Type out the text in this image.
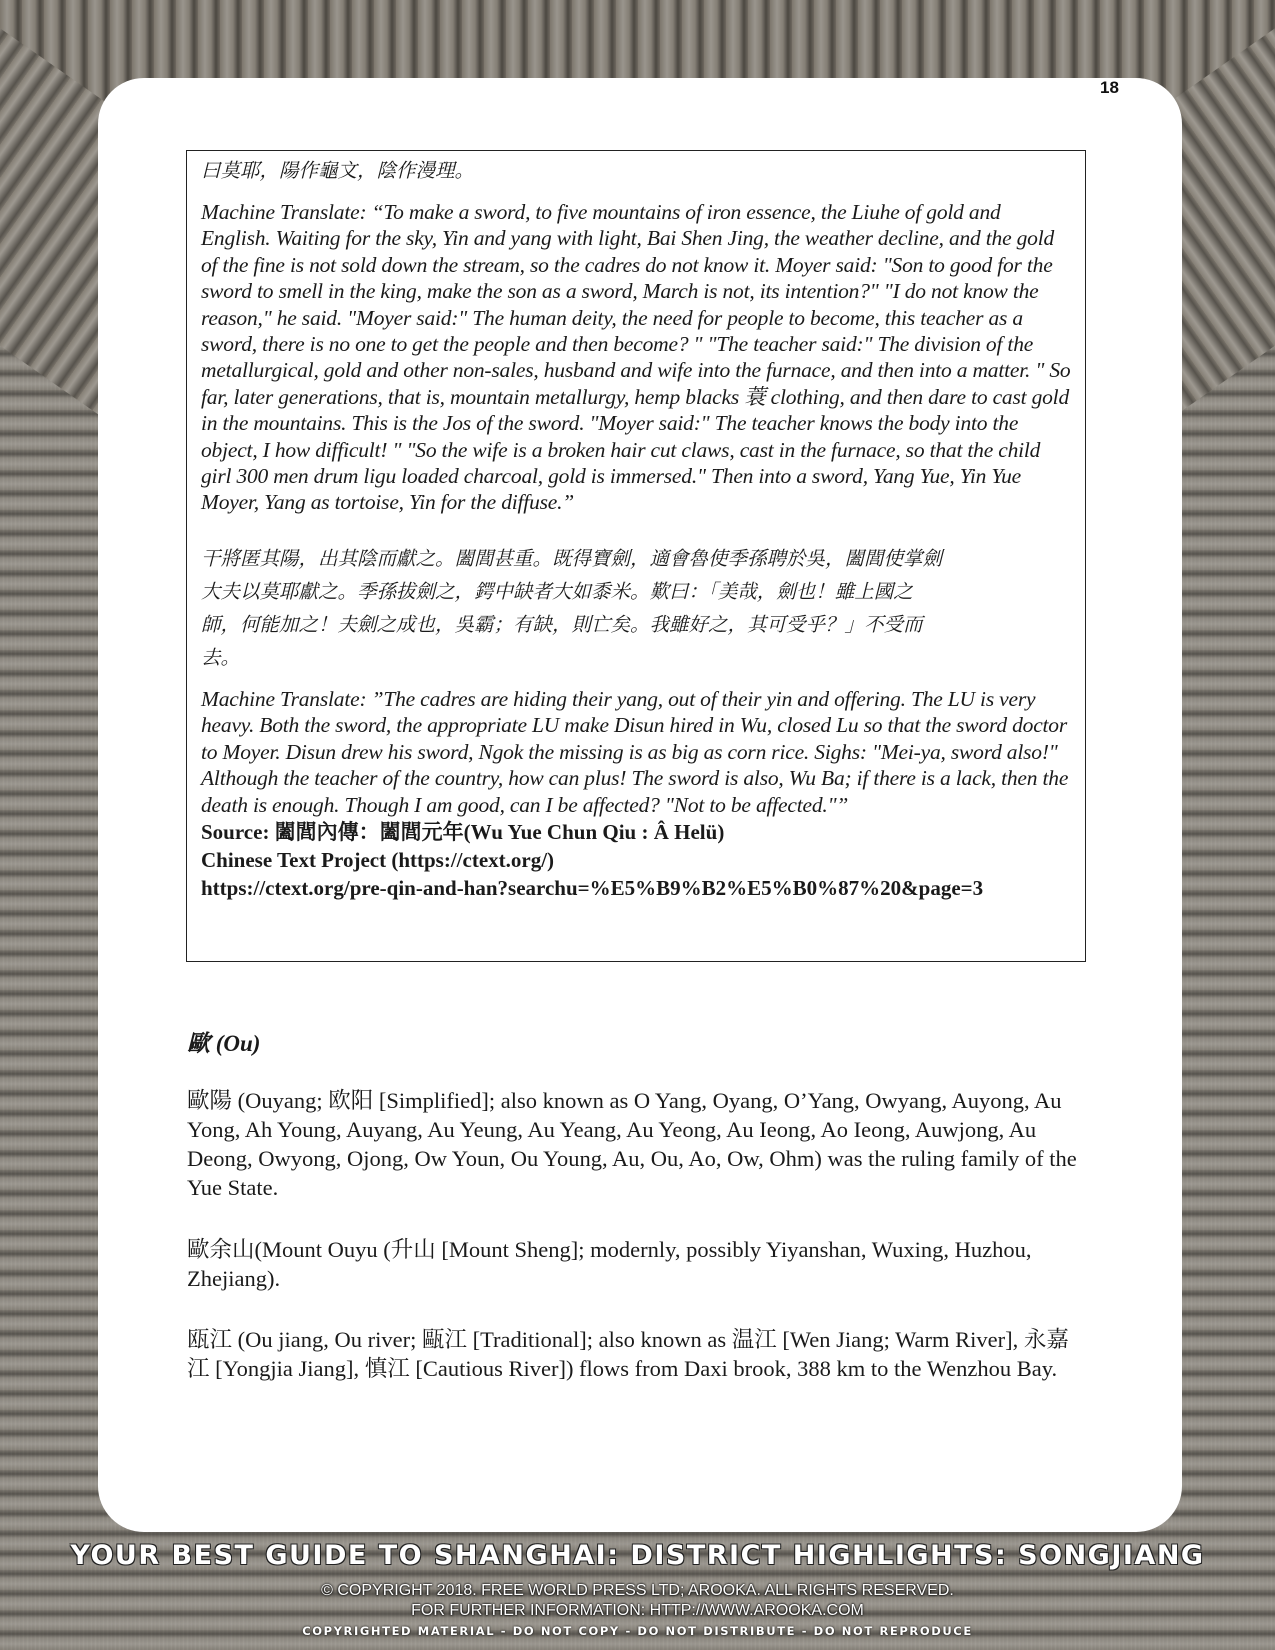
18

曰莫耶，陽作龜文，陰作漫理。

Machine Translate: “To make a sword, to five mountains of iron essence, the Liuhe of gold and English. Waiting for the sky, Yin and yang with light, Bai Shen Jing, the weather decline, and the gold of the fine is not sold down the stream, so the cadres do not know it. Moyer said: "Son to good for the sword to smell in the king, make the son as a sword, March is not, its intention?" "I do not know the reason," he said. "Moyer said:" The human deity, the need for people to become, this teacher as a sword, there is no one to get the people and then become? " "The teacher said:" The division of the metallurgical, gold and other non-sales, husband and wife into the furnace, and then into a matter. " So far, later generations, that is, mountain metallurgy, hemp blacks 蓑 clothing, and then dare to cast gold in the mountains. This is the Jos of the sword. "Moyer said:" The teacher knows the body into the object, I how difficult! " "So the wife is a broken hair cut claws, cast in the furnace, so that the child girl 300 men drum ligu loaded charcoal, gold is immersed." Then into a sword, Yang Yue, Yin Yue Moyer, Yang as tortoise, Yin for the diffuse.”

干將匿其陽，出其陰而獻之。闔閭甚重。既得寶劍，適會魯使季孫聘於吳，闔閭使掌劍

大夫以莫耶獻之。季孫拔劍之，鍔中缺者大如黍米。歎曰：「美哉，劍也！雖上國之

師，何能加之！夫劍之成也，吳霸；有缺，則亡矣。我雖好之，其可受乎？」不受而

去。

Machine Translate: ”The cadres are hiding their yang, out of their yin and offering. The LU is very heavy. Both the sword, the appropriate LU make Disun hired in Wu, closed Lu so that the sword doctor to Moyer. Disun drew his sword, Ngok the missing is as big as corn rice. Sighs: "Mei-ya, sword also!" Although the teacher of the country, how can plus! The sword is also, Wu Ba; if there is a lack, then the death is enough. Though I am good, can I be affected? "Not to be affected."”

Source: 闔閭內傳：闔閭元年(Wu Yue Chun Qiu : Â Helü)

Chinese Text Project (https://ctext.org/)

https://ctext.org/pre-qin-and-han?searchu=%E5%B9%B2%E5%B0%87%20&page=3

歐 (Ou)

歐陽 (Ouyang; 欧阳 [Simplified]; also known as O Yang, Oyang, O’Yang, Owyang, Auyong, Au Yong, Ah Young, Auyang, Au Yeung, Au Yeang, Au Yeong, Au Ieong, Ao Ieong, Auwjong, Au Deong, Owyong, Ojong, Ow Youn, Ou Young, Au, Ou, Ao, Ow, Ohm) was the ruling family of the Yue State.

歐余山(Mount Ouyu (升山 [Mount Sheng]; modernly, possibly Yiyanshan, Wuxing, Huzhou, Zhejiang).

瓯江 (Ou jiang, Ou river; 甌江 [Traditional]; also known as 温江 [Wen Jiang; Warm River], 永嘉江 [Yongjia Jiang], 慎江 [Cautious River]) flows from Daxi brook, 388 km to the Wenzhou Bay.

YOUR BEST GUIDE TO SHANGHAI: DISTRICT HIGHLIGHTS: SONGJIANG
© COPYRIGHT 2018. FREE WORLD PRESS LTD; AROOKA. ALL RIGHTS RESERVED.
FOR FURTHER INFORMATION: HTTP://WWW.AROOKA.COM
COPYRIGHTED MATERIAL - DO NOT COPY - DO NOT DISTRIBUTE - DO NOT REPRODUCE
